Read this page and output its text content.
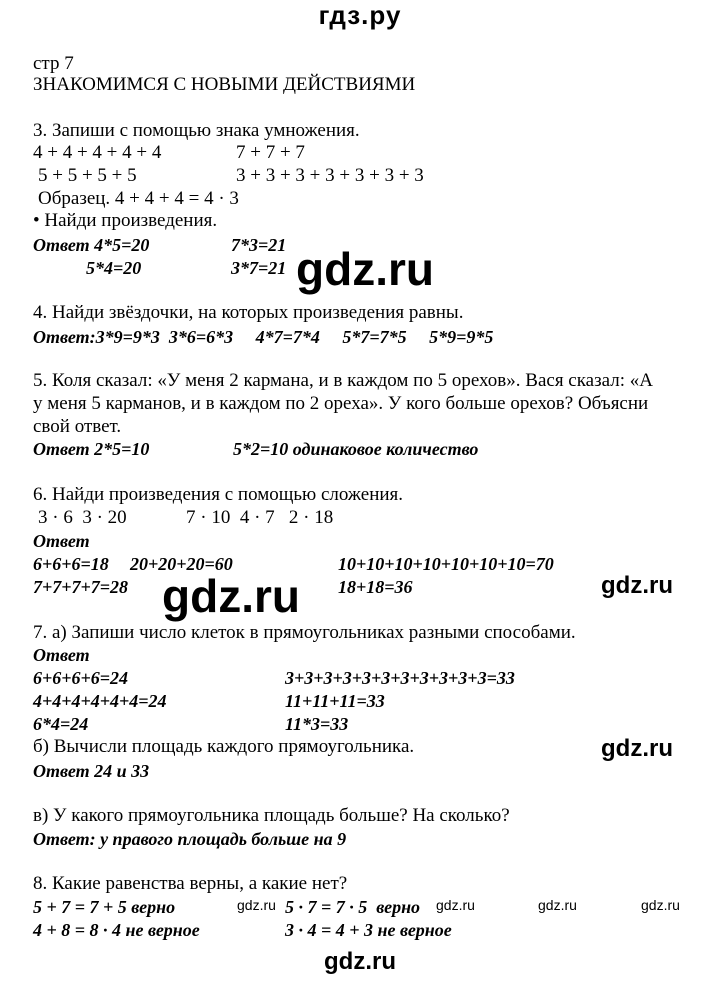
гдз.ру
стр 7
ЗНАКОМИМСЯ С НОВЫМИ ДЕЙСТВИЯМИ
3. Запиши с помощью знака умножения.
4 + 4 + 4 + 4 + 4	7 + 7 + 7
5 + 5 + 5 + 5	3 + 3 + 3 + 3 + 3 + 3 + 3
Образец. 4 + 4 + 4 = 4 · 3
• Найди произведения.
Ответ 4*5=20	7*3=21
5*4=20	3*7=21 gdz.ru
4. Найди звёздочки, на которых произведения равны.
Ответ:3*9=9*3  3*6=6*3     4*7=7*4     5*7=7*5     5*9=9*5
5. Коля сказал: «У меня 2 кармана, и в каждом по 5 орехов». Вася сказал: «А
у меня 5 карманов, и в каждом по 2 ореха». У кого больше орехов? Объясни
свой ответ.
Ответ 2*5=10	5*2=10 одинаковое количество
6. Найди произведения с помощью сложения.
3 · 6  3 · 20	7 · 10  4 · 7   2 · 18
Ответ
6+6+6=18 20+20+20=60	10+10+10+10+10+10+10=70
7+7+7+7=28	18+18=36
gdz.ru	gdz.ru
7. а) Запиши число клеток в прямоугольниках разными способами.
Ответ
6+6+6+6=24	3+3+3+3+3+3+3+3+3+3+3=33
4+4+4+4+4+4=24	11+11+11=33
6*4=24	11*3=33
б) Вычисли площадь каждого прямоугольника.
Ответ 24 и 33
gdz.ru
в) У какого прямоугольника площадь больше? На сколько?
Ответ: у правого площадь больше на 9
8. Какие равенства верны, а какие нет?
5 + 7 = 7 + 5 верно	gdz.ru 5 · 7 = 7 · 5  верно gdz.ru	gdz.ru	gdz.ru
4 + 8 = 8 · 4 не верное	3 · 4 = 4 + 3 не верное
gdz.ru
